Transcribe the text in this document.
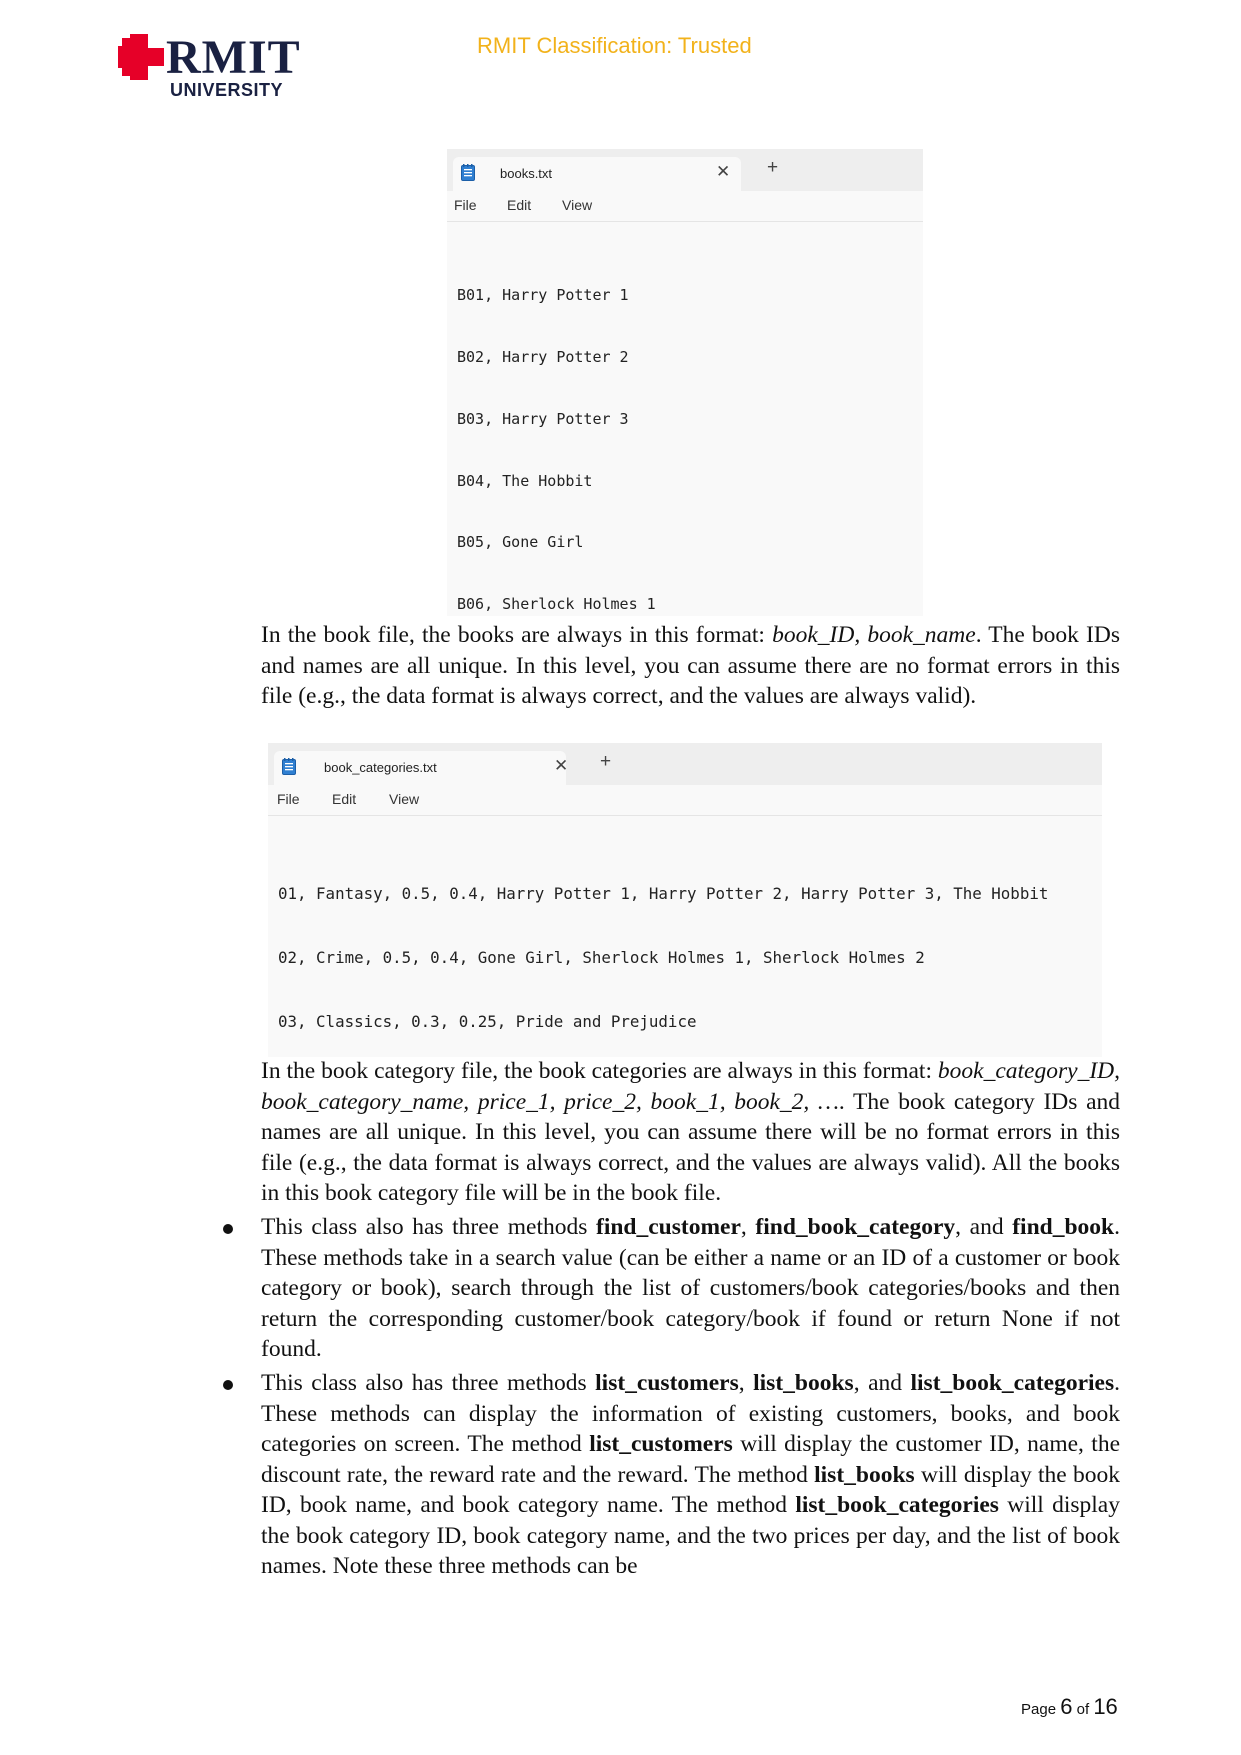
RMIT
UNIVERSITY
RMIT Classification: Trusted
books.txt	✕ +
File Edit View

B01, Harry Potter 1

B02, Harry Potter 2

B03, Harry Potter 3

B04, The Hobbit

B05, Gone Girl

B06, Sherlock Holmes 1

In the book file, the books are always in this format: book_ID, book_name. The book IDs and names are all unique. In this level, you can assume there are no format errors in this file (e.g., the data format is always correct, and the values are always valid).
book_categories.txt	✕ +
File Edit View

01, Fantasy, 0.5, 0.4, Harry Potter 1, Harry Potter 2, Harry Potter 3, The Hobbit

02, Crime, 0.5, 0.4, Gone Girl, Sherlock Holmes 1, Sherlock Holmes 2

03, Classics, 0.3, 0.25, Pride and Prejudice

In the book category file, the book categories are always in this format: book_category_ID, book_category_name, price_1, price_2, book_1, book_2, …. The book category IDs and names are all unique. In this level, you can assume there will be no format errors in this file (e.g., the data format is always correct, and the values are always valid). All the books in this book category file will be in the book file.
This class also has three methods find_customer, find_book_category, and find_book. These methods take in a search value (can be either a name or an ID of a customer or book category or book), search through the list of customers/book categories/books and then return the corresponding customer/book category/book if found or return None if not found.
This class also has three methods list_customers, list_books, and list_book_categories. These methods can display the information of existing customers, books, and book categories on screen. The method list_customers will display the customer ID, name, the discount rate, the reward rate and the reward. The method list_books will display the book ID, book name, and book category name. The method list_book_categories will display the book category ID, book category name, and the two prices per day, and the list of book names. Note these three methods can be
Page 6 of 16
